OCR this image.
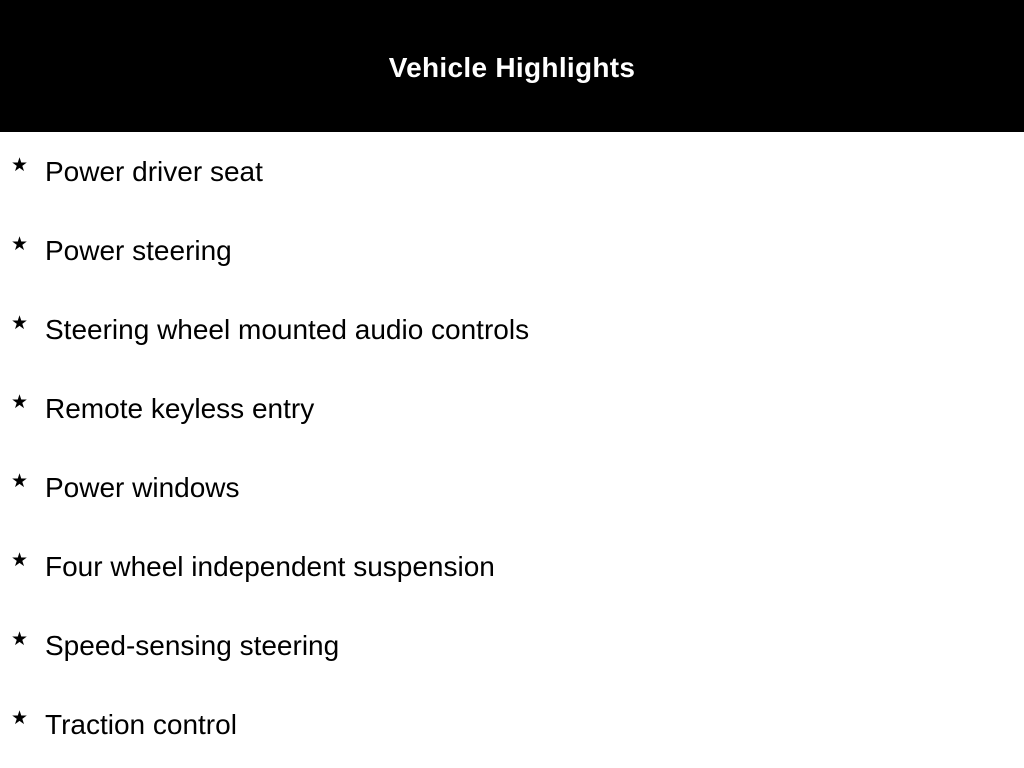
Vehicle Highlights
★ Power driver seat
★ Power steering
★ Steering wheel mounted audio controls
★ Remote keyless entry
★ Power windows
★ Four wheel independent suspension
★ Speed-sensing steering
★ Traction control
